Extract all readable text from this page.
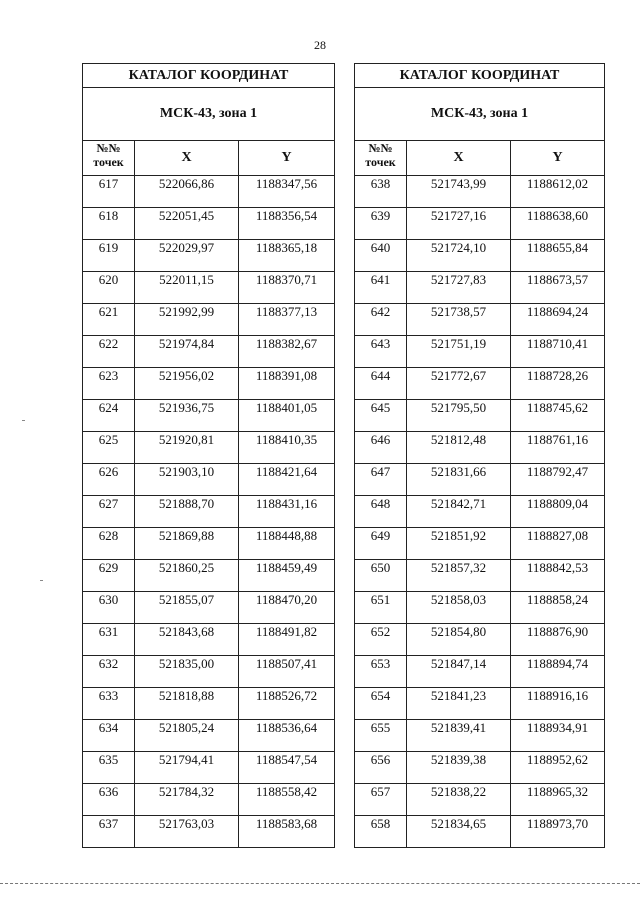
28
КАТАЛОГ КООРДИНАТ		
МСК-43, зона 1		

№№
точек	X	Y
617	522066,86	1188347,56
618	522051,45	1188356,54
619	522029,97	1188365,18
620	522011,15	1188370,71
621	521992,99	1188377,13
622	521974,84	1188382,67
623	521956,02	1188391,08
624	521936,75	1188401,05
625	521920,81	1188410,35
626	521903,10	1188421,64
627	521888,70	1188431,16
628	521869,88	1188448,88
629	521860,25	1188459,49
630	521855,07	1188470,20
631	521843,68	1188491,82
632	521835,00	1188507,41
633	521818,88	1188526,72
634	521805,24	1188536,64
635	521794,41	1188547,54
636	521784,32	1188558,42
637	521763,03	1188583,68
КАТАЛОГ КООРДИНАТ		
МСК-43, зона 1		

№№
точек	X	Y
638	521743,99	1188612,02
639	521727,16	1188638,60
640	521724,10	1188655,84
641	521727,83	1188673,57
642	521738,57	1188694,24
643	521751,19	1188710,41
644	521772,67	1188728,26
645	521795,50	1188745,62
646	521812,48	1188761,16
647	521831,66	1188792,47
648	521842,71	1188809,04
649	521851,92	1188827,08
650	521857,32	1188842,53
651	521858,03	1188858,24
652	521854,80	1188876,90
653	521847,14	1188894,74
654	521841,23	1188916,16
655	521839,41	1188934,91
656	521839,38	1188952,62
657	521838,22	1188965,32
658	521834,65	1188973,70
